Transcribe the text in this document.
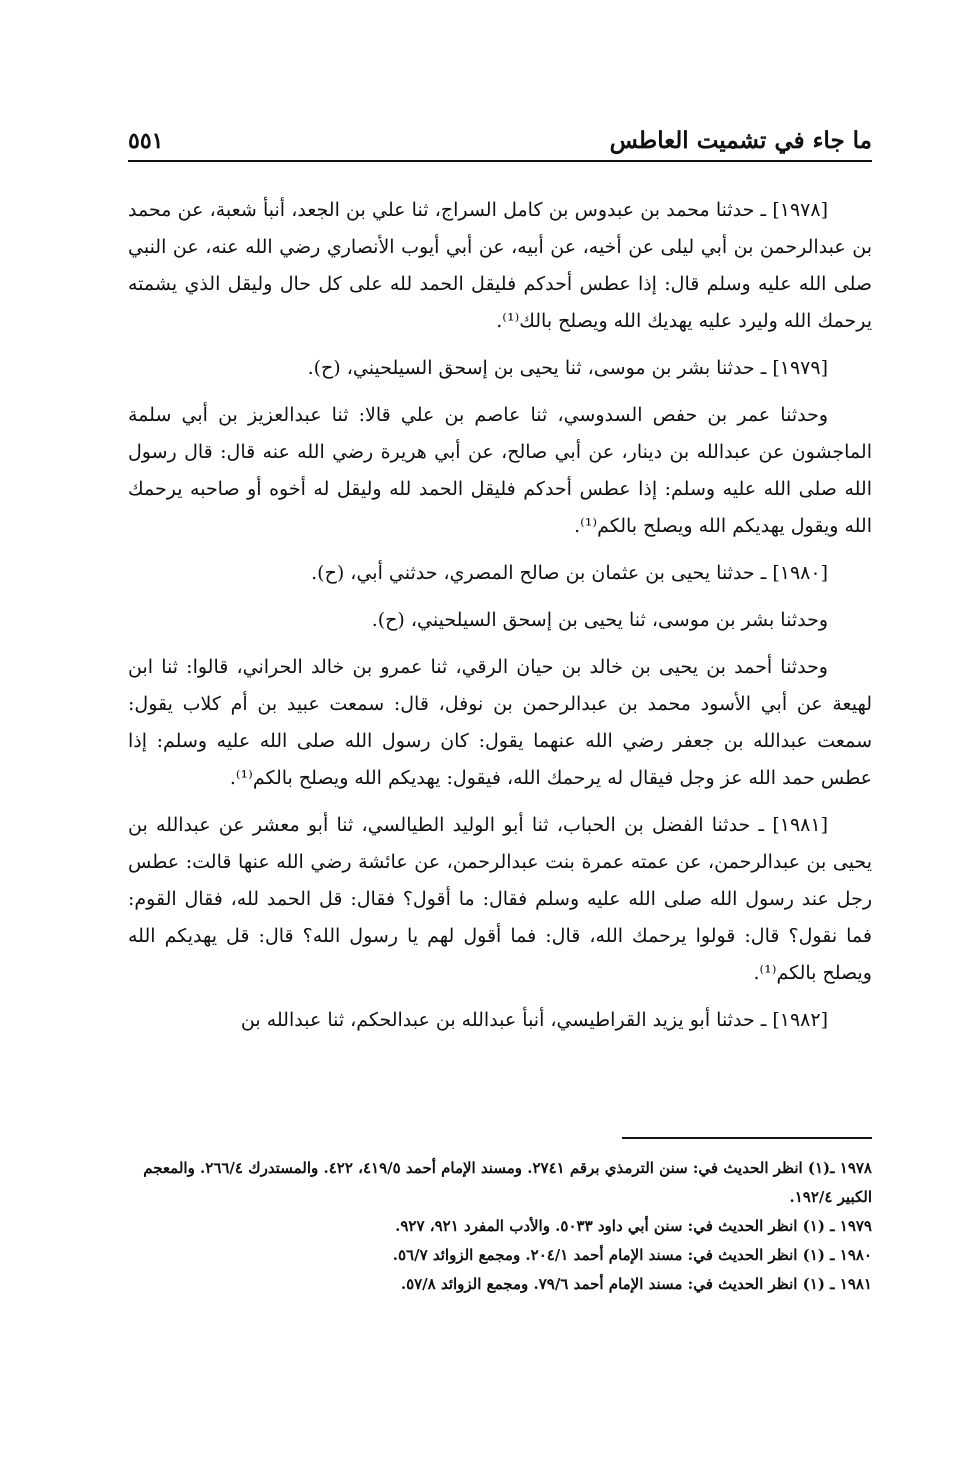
ما جاء في تشميت العاطس
٥٥١

[١٩٧٨] ـ حدثنا محمد بن عبدوس بن كامل السراج، ثنا علي بن الجعد، أنبأ شعبة، عن محمد بن عبدالرحمن بن أبي ليلى عن أخيه، عن أبيه، عن أبي أيوب الأنصاري رضي الله عنه، عن النبي صلى الله عليه وسلم قال: إذا عطس أحدكم فليقل الحمد لله على كل حال وليقل الذي يشمته يرحمك الله وليرد عليه يهديك الله ويصلح بالك⁽¹⁾.

[١٩٧٩] ـ حدثنا بشر بن موسى، ثنا يحيى بن إسحق السيلحيني، (ح).

وحدثنا عمر بن حفص السدوسي، ثنا عاصم بن علي قالا: ثنا عبدالعزيز بن أبي سلمة الماجشون عن عبدالله بن دينار، عن أبي صالح، عن أبي هريرة رضي الله عنه قال: قال رسول الله صلى الله عليه وسلم: إذا عطس أحدكم فليقل الحمد لله وليقل له أخوه أو صاحبه يرحمك الله ويقول يهديكم الله ويصلح بالكم⁽¹⁾.

[١٩٨٠] ـ حدثنا يحيى بن عثمان بن صالح المصري، حدثني أبي، (ح).

وحدثنا بشر بن موسى، ثنا يحيى بن إسحق السيلحيني، (ح).

وحدثنا أحمد بن يحيى بن خالد بن حيان الرقي، ثنا عمرو بن خالد الحراني، قالوا: ثنا ابن لهيعة عن أبي الأسود محمد بن عبدالرحمن بن نوفل، قال: سمعت عبيد بن أم كلاب يقول: سمعت عبدالله بن جعفر رضي الله عنهما يقول: كان رسول الله صلى الله عليه وسلم: إذا عطس حمد الله عز وجل فيقال له يرحمك الله، فيقول: يهديكم الله ويصلح بالكم⁽¹⁾.

[١٩٨١] ـ حدثنا الفضل بن الحباب، ثنا أبو الوليد الطيالسي، ثنا أبو معشر عن عبدالله بن يحيى بن عبدالرحمن، عن عمته عمرة بنت عبدالرحمن، عن عائشة رضي الله عنها قالت: عطس رجل عند رسول الله صلى الله عليه وسلم فقال: ما أقول؟ فقال: قل الحمد لله، فقال القوم: فما نقول؟ قال: قولوا يرحمك الله، قال: فما أقول لهم يا رسول الله؟ قال: قل يهديكم الله ويصلح بالكم⁽¹⁾.

[١٩٨٢] ـ حدثنا أبو يزيد القراطيسي، أنبأ عبدالله بن عبدالحكم، ثنا عبدالله بن

١٩٧٨ ـ(١) انظر الحديث في: سنن الترمذي برقم ٢٧٤١. ومسند الإمام أحمد ٤١٩/٥، ٤٢٢. والمستدرك ٢٦٦/٤. والمعجم الكبير ١٩٢/٤.

١٩٧٩ ـ (١) انظر الحديث في: سنن أبي داود ٥٠٣٣. والأدب المفرد ٩٢١، ٩٢٧.

١٩٨٠ ـ (١) انظر الحديث في: مسند الإمام أحمد ٢٠٤/١. ومجمع الزوائد ٥٦/٧.

١٩٨١ ـ (١) انظر الحديث في: مسند الإمام أحمد ٧٩/٦. ومجمع الزوائد ٥٧/٨.
